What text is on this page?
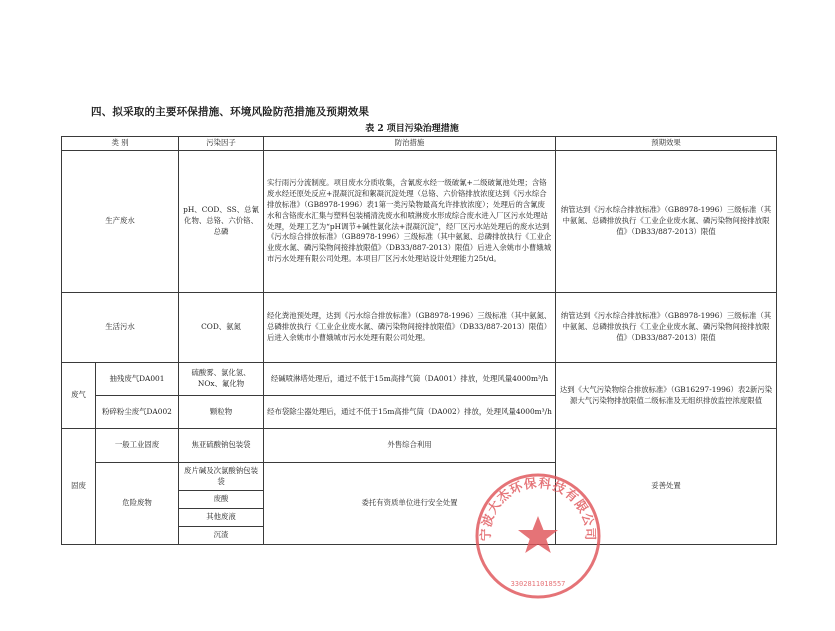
四、拟采取的主要环保措施、环境风险防范措施及预期效果
表 2 项目污染治理措施
类 别		污染因子	防治措施	预期效果
生产废水		pH、COD、SS、总氰化物、总铬、六价铬、总磷	实行雨污分流制度。项目废水分质收集，含氰废水经一级破氰+二级破氰池处理；含铬废水经还原处反应+混凝沉淀和絮凝沉淀处理（总铬、六价铬排放浓度达到《污水综合排放标准》（GB8978-1996）表1第一类污染物最高允许排放浓度）；处理后的含氰废水和含铬废水汇集与塑料包装桶清洗废水和喷淋废水形成综合废水进入厂区污水处理站处理，处理工艺为“pH调节+碱性氯化法+混凝沉淀”，经厂区污水站处理后的废水达到《污水综合排放标准》（GB8978-1996）三级标准（其中氨氮、总磷排放执行《工业企业废水氮、磷污染物间接排放限值》（DB33/887-2013）限值）后进入余姚市小曹娥城市污水处理有限公司处理。本项目厂区污水处理站设计处理能力25t/d。	纳管达到《污水综合排放标准》（GB8978-1996）三级标准（其中氨氮、总磷排放执行《工业企业废水氮、磷污染物间接排放限值》（DB33/887-2013）限值
生活污水		COD、氨氮	经化粪池预处理，达到《污水综合排放标准》（GB8978-1996）三级标准（其中氨氮、总磷排放执行《工业企业废水氮、磷污染物间接排放限值》（DB33/887-2013）限值）后进入余姚市小曹娥城市污水处理有限公司处理。	纳管达到《污水综合排放标准》（GB8978-1996）三级标准（其中氨氮、总磷排放执行《工业企业废水氮、磷污染物间接排放限值》（DB33/887-2013）限值
废气	抽残废气DA001	硫酸雾、氯化氢、NOx、氟化物	经碱喷淋塔处理后，通过不低于15m高排气筒（DA001）排放，处理风量4000m³/h	达到《大气污染物综合排放标准》（GB16297-1996）表2新污染源大气污染物排放限值二级标准及无组织排放监控浓度限值
	粉碎粉尘废气DA002	颗粒物	经布袋除尘器处理后，通过不低于15m高排气筒（DA002）排放，处理风量4000m³/h	
固废	一般工业固废	焦亚硫酸钠包装袋	外售综合利用	妥善处置
	危险废物	废片碱及次氯酸钠包装袋	委托有资质单位进行安全处置	
		废酸		
		其他废液		
		沉渣			宁波大杰环保科技有限公司
3302811018557
